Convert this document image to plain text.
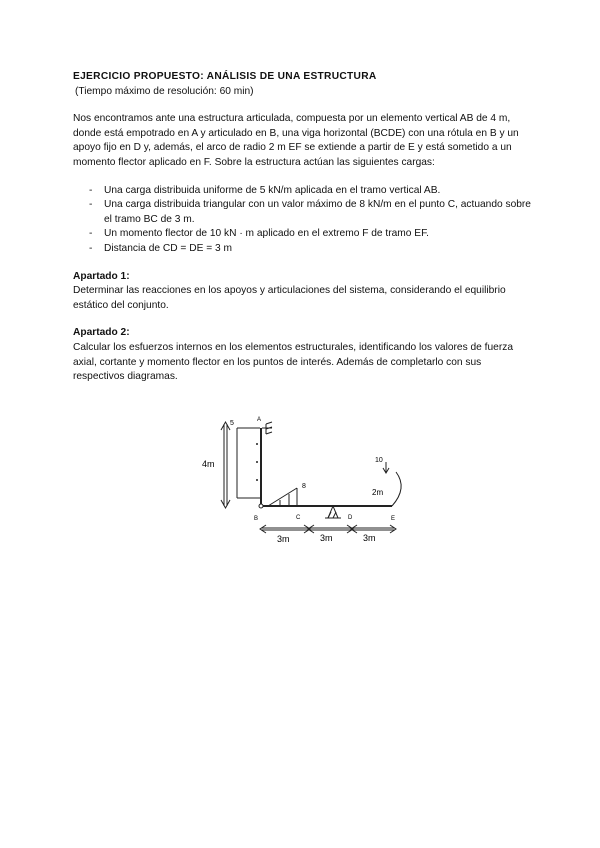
EJERCICIO PROPUESTO: ANÁLISIS DE UNA ESTRUCTURA

(Tiempo máximo de resolución: 60 min)

Nos encontramos ante una estructura articulada, compuesta por un elemento vertical AB de 4 m, donde está empotrado en A y articulado en B, una viga horizontal (BCDE) con una rótula en B y un apoyo fijo en D y, además, el arco de radio 2 m EF se extiende a partir de E y está sometido a un momento flector aplicado en F. Sobre la estructura actúan las siguientes cargas:

- Una carga distribuida uniforme de 5 kN/m aplicada en el tramo vertical AB.
- Una carga distribuida triangular con un valor máximo de 8 kN/m en el punto C, actuando sobre el tramo BC de 3 m.
- Un momento flector de 10 kN · m aplicado en el extremo F de tramo EF.
- Distancia de CD = DE = 3 m

Apartado 1:

Determinar las reacciones en los apoyos y articulaciones del sistema, considerando el equilibrio estático del conjunto.

Apartado 2:

Calcular los esfuerzos internos en los elementos estructurales, identificando los valores de fuerza axial, cortante y momento flector en los puntos de interés. Además de completarlo con sus respectivos diagramas.

4m
5	A
B
8
C	D
2m
E
10
3m	3m	3m
